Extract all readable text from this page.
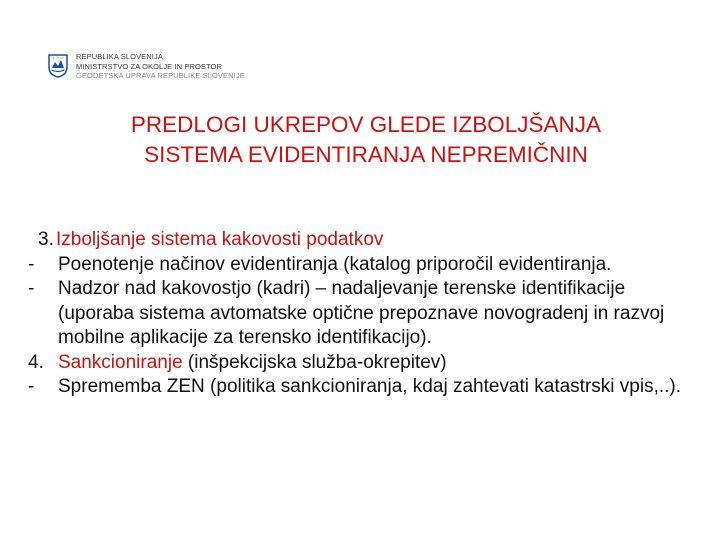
REPUBLIKA SLOVENIJA
MINISTRSTVO ZA OKOLJE IN PROSTOR
GEODETSKA UPRAVA REPUBLIKE SLOVENIJE
PREDLOGI UKREPOV GLEDE IZBOLJŠANJA
SISTEMA EVIDENTIRANJA NEPREMIČNIN
3. Izboljšanje sistema kakovosti podatkov
- Poenotenje načinov evidentiranja (katalog priporočil evidentiranja.
- Nadzor nad kakovostjo (kadri) – nadaljevanje terenske identifikacije (uporaba sistema avtomatske optične prepoznave novogradenj in razvoj mobilne aplikacije za terensko identifikacijo).
4. Sankcioniranje (inšpekcijska služba-okrepitev)
- Sprememba ZEN (politika sankcioniranja, kdaj zahtevati katastrski vpis,..).
